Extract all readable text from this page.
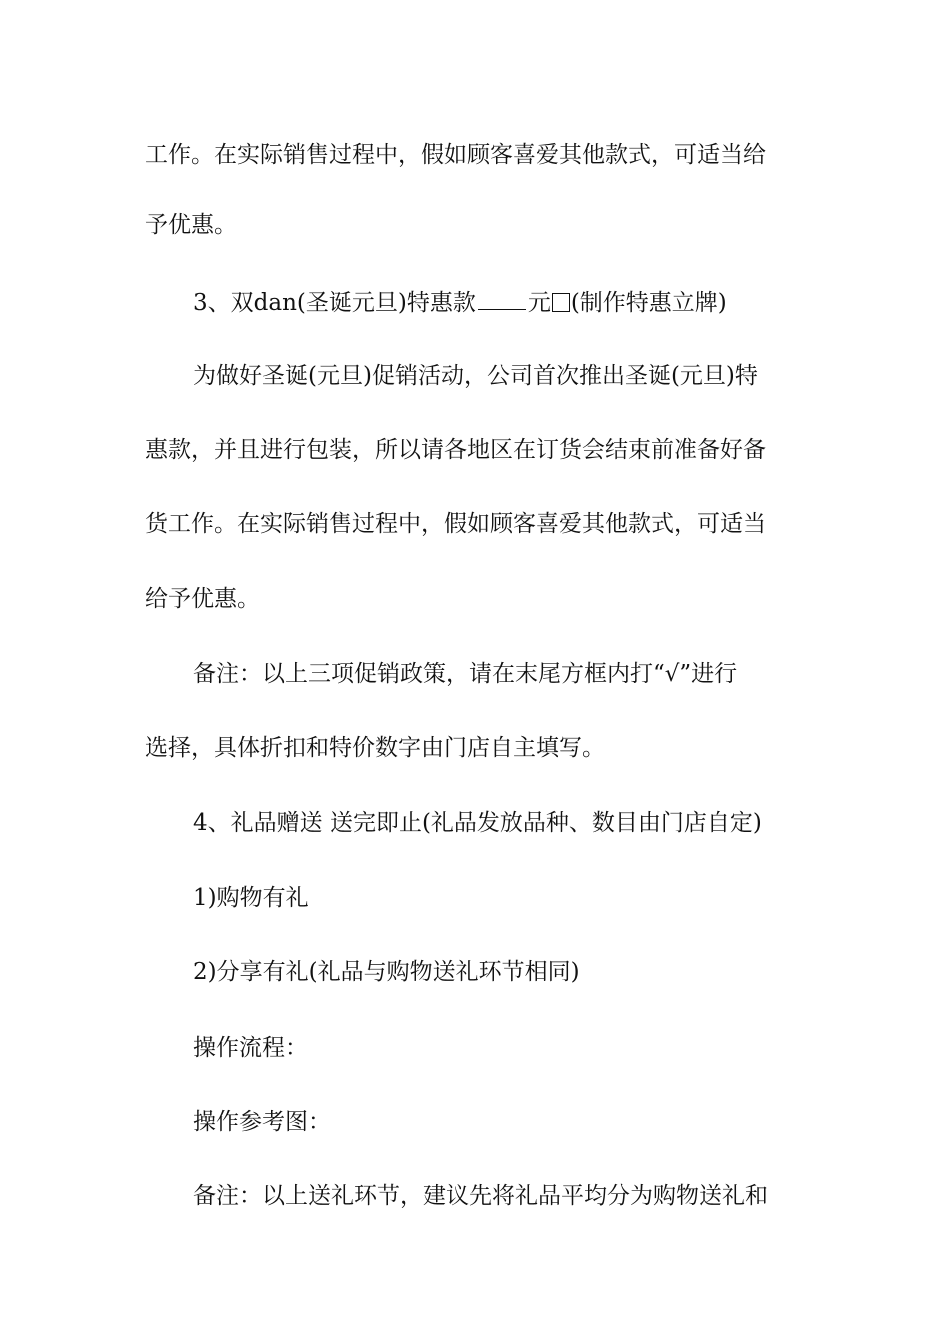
工作。在实际销售过程中，假如顾客喜爱其他款式，可适当给
予优惠。
3、双dan(圣诞元旦)特惠款 元 (制作特惠立牌)
为做好圣诞(元旦)促销活动，公司首次推出圣诞(元旦)特
惠款，并且进行包装，所以请各地区在订货会结束前准备好备
货工作。在实际销售过程中，假如顾客喜爱其他款式，可适当
给予优惠。
备注：以上三项促销政策，请在末尾方框内打“√”进行
选择，具体折扣和特价数字由门店自主填写。
4、礼品赠送 送完即止(礼品发放品种、数目由门店自定)
1)购物有礼
2)分享有礼(礼品与购物送礼环节相同)
操作流程：
操作参考图：
备注：以上送礼环节，建议先将礼品平均分为购物送礼和
